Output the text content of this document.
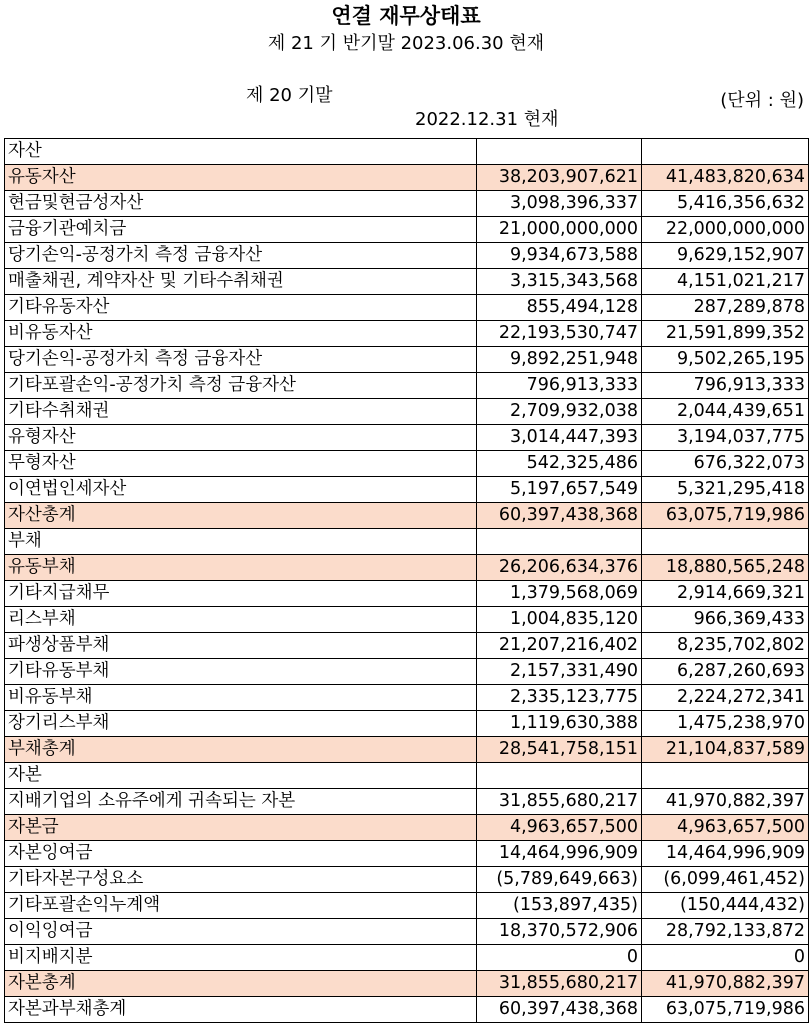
연결 재무상태표
제 21 기 반기말 2023.06.30 현재

제 20 기말

2022.12.31 현재

(단위 : 원)
자산		
유동자산	38,203,907,621	41,483,820,634
현금및현금성자산	3,098,396,337	5,416,356,632
금융기관예치금	21,000,000,000	22,000,000,000
당기손익-공정가치 측정 금융자산	9,934,673,588	9,629,152,907
매출채권, 계약자산 및 기타수취채권	3,315,343,568	4,151,021,217
기타유동자산	855,494,128	287,289,878
비유동자산	22,193,530,747	21,591,899,352
당기손익-공정가치 측정 금융자산	9,892,251,948	9,502,265,195
기타포괄손익-공정가치 측정 금융자산	796,913,333	796,913,333
기타수취채권	2,709,932,038	2,044,439,651
유형자산	3,014,447,393	3,194,037,775
무형자산	542,325,486	676,322,073
이연법인세자산	5,197,657,549	5,321,295,418
자산총계	60,397,438,368	63,075,719,986
부채		
유동부채	26,206,634,376	18,880,565,248
기타지급채무	1,379,568,069	2,914,669,321
리스부채	1,004,835,120	966,369,433
파생상품부채	21,207,216,402	8,235,702,802
기타유동부채	2,157,331,490	6,287,260,693
비유동부채	2,335,123,775	2,224,272,341
장기리스부채	1,119,630,388	1,475,238,970
부채총계	28,541,758,151	21,104,837,589
자본		
지배기업의 소유주에게 귀속되는 자본	31,855,680,217	41,970,882,397
자본금	4,963,657,500	4,963,657,500
자본잉여금	14,464,996,909	14,464,996,909
기타자본구성요소	(5,789,649,663)	(6,099,461,452)
기타포괄손익누계액	(153,897,435)	(150,444,432)
이익잉여금	18,370,572,906	28,792,133,872
비지배지분	0	0
자본총계	31,855,680,217	41,970,882,397
자본과부채총계	60,397,438,368	63,075,719,986
